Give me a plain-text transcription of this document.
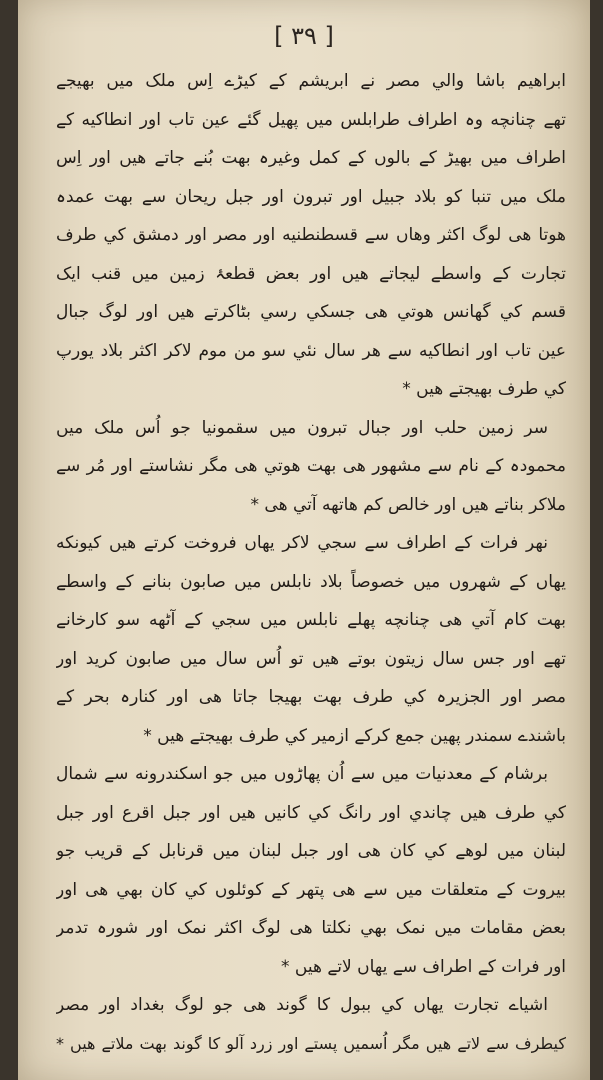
[ ۳۹ ]
ابراهیم باشا والي مصر نے ابریشم کے کیڑے اِس ملک میں بهیجے
تهے چنانچه وہ اطراف طرابلس میں پهیل گئے عین تاب اور انطاکیه کے
اطراف میں بهیڑ کے بالوں کے کمل وغیرہ بهت بُنے جاتے هیں اور اِس
ملک میں تنبا کو بلاد جبیل اور تبرون اور جبل ریحان سے بهت عمدہ
هوتا هی لوگ اکثر وهاں سے قسطنطنیه اور مصر اور دمشق کي طرف
تجارت کے واسطے لیجاتے هیں اور بعض قطعۂ زمین میں قنب ایک
قسم کي گهانس هوتي هی جسکي رسي بٹاکرتے هیں اور لوگ جبال
عین تاب اور انطاکیه سے هر سال نئي سو من موم لاکر اکثر بلاد یورپ
کي طرف بهیجتے هیں *
سر زمین حلب اور جبال تبرون میں سقمونیا جو اُس ملک میں
محمودہ کے نام سے مشهور هی بهت هوتي هی مگر نشاستے اور مُر سے
ملاکر بناتے هیں اور خالص کم هاتهه آتي هی *
نهر فرات کے اطراف سے سجي لاکر یهاں فروخت کرتے هیں کیونکه
یهاں کے شهروں میں خصوصاً بلاد نابلس میں صابون بنانے کے واسطے
بهت کام آتي هی چنانچه پهلے نابلس میں سجي کے آٹهه سو کارخانے
تهے اور جس سال زیتون بوتے هیں تو اُس سال میں صابون کرید اور
مصر اور الجزیرہ کي طرف بهت بهیجا جاتا هی اور کنارہ بحر کے
باشندے سمندر پهین جمع کرکے ازمیر کي طرف بهیجتے هیں *
برشام کے معدنیات میں سے اُن پهاڑوں میں جو اسکندرونه سے شمال
کي طرف هیں چاندي اور رانگ کي کانیں هیں اور جبل اقرع اور جبل
لبنان میں لوهے کي کان هی اور جبل لبنان میں قرنابل کے قریب جو
بیروت کے متعلقات میں سے هی پتهر کے کوئلوں کي کان بهي هی اور
بعض مقامات میں نمک بهي نکلتا هی لوگ اکثر نمک اور شورہ تدمر
اور فرات کے اطراف سے یهاں لاتے هیں *
اشیاے تجارت یهاں کي ببول کا گوند هی جو لوگ بغداد اور مصر
کیطرف سے لاتے هیں مگر اُسمیں پستے اور زرد آلو کا گوند بهت ملاتے هیں *
